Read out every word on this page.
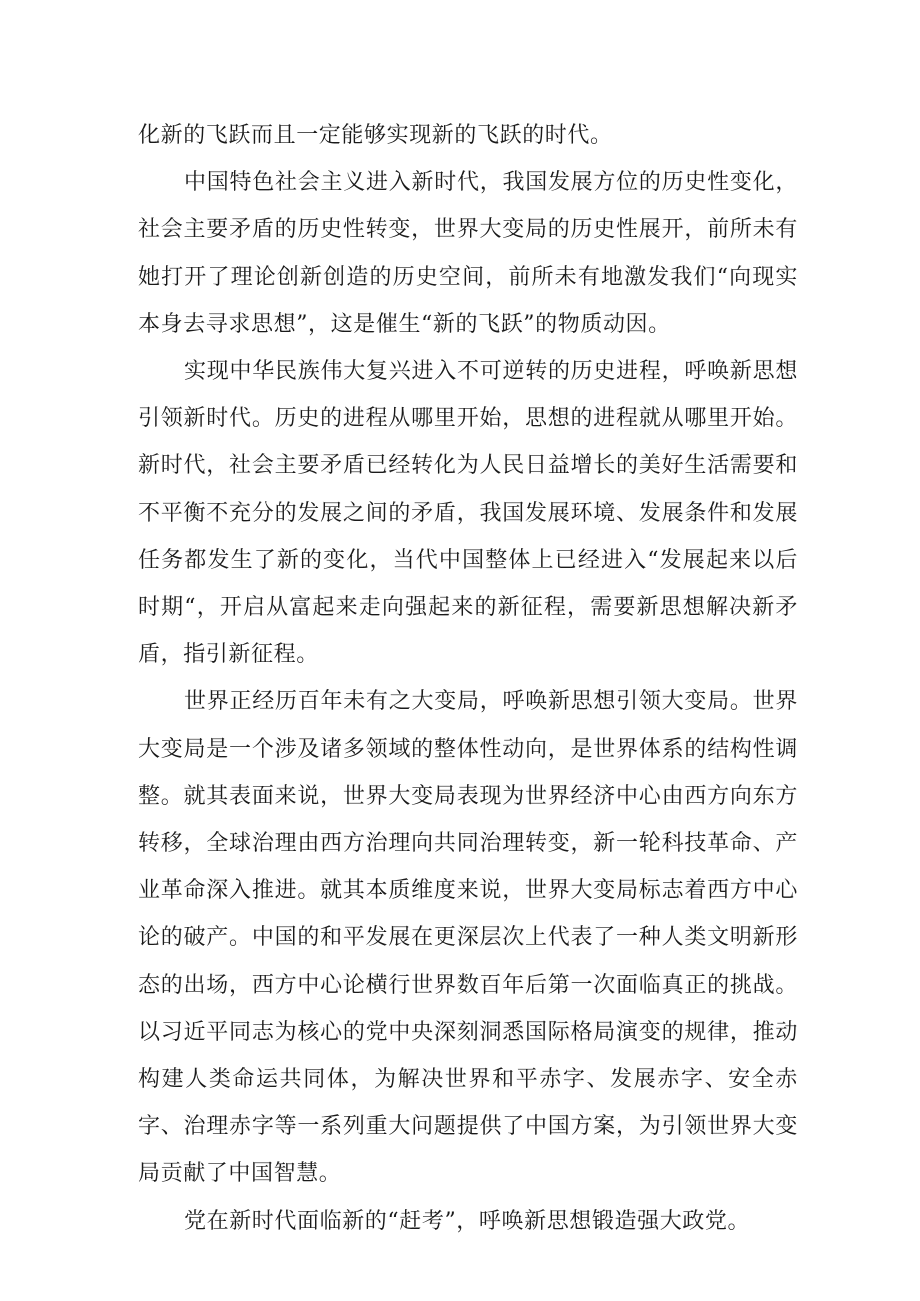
化新的飞跃而且一定能够实现新的飞跃的时代。

中国特色社会主义进入新时代，我国发展方位的历史性变化，社会主要矛盾的历史性转变，世界大变局的历史性展开，前所未有她打开了理论创新创造的历史空间，前所未有地激发我们“向现实本身去寻求思想”，这是催生“新的飞跃”的物质动因。

实现中华民族伟大复兴进入不可逆转的历史进程，呼唤新思想引领新时代。历史的进程从哪里开始，思想的进程就从哪里开始。新时代，社会主要矛盾已经转化为人民日益增长的美好生活需要和不平衡不充分的发展之间的矛盾，我国发展环境、发展条件和发展任务都发生了新的变化，当代中国整体上已经进入“发展起来以后时期“，开启从富起来走向强起来的新征程，需要新思想解决新矛盾，指引新征程。

世界正经历百年未有之大变局，呼唤新思想引领大变局。世界大变局是一个涉及诸多领域的整体性动向，是世界体系的结构性调整。就其表面来说，世界大变局表现为世界经济中心由西方向东方转移，全球治理由西方治理向共同治理转变，新一轮科技革命、产业革命深入推进。就其本质维度来说，世界大变局标志着西方中心论的破产。中国的和平发展在更深层次上代表了一种人类文明新形态的出场，西方中心论横行世界数百年后第一次面临真正的挑战。以习近平同志为核心的党中央深刻洞悉国际格局演变的规律，推动构建人类命运共同体，为解决世界和平赤字、发展赤字、安全赤字、治理赤字等一系列重大问题提供了中国方案，为引领世界大变局贡献了中国智慧。

党在新时代面临新的“赶考”，呼唤新思想锻造强大政党。
